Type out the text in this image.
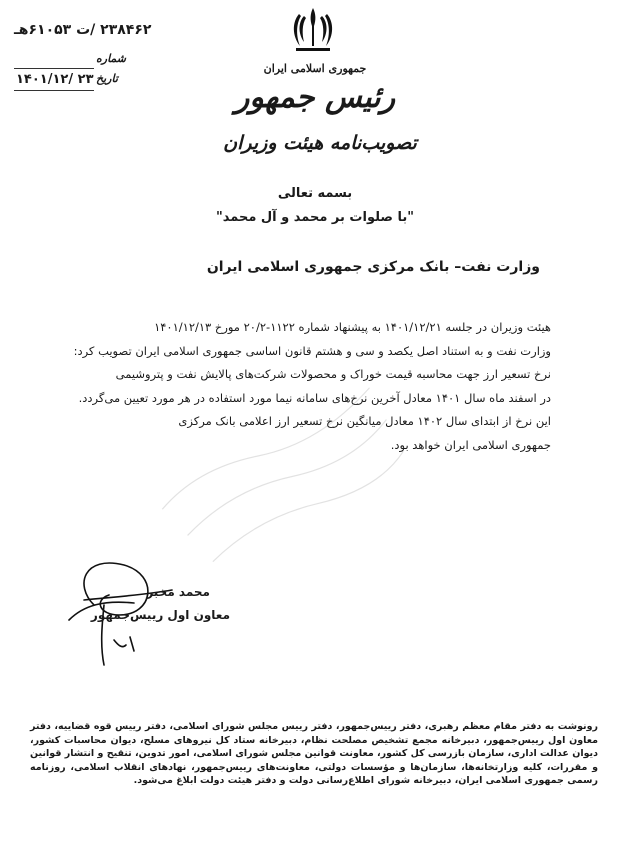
۲۳۸۴۶۲ /ت ۶۱۰۵۳هـ
شماره
۱۴۰۱/۱۲/ ۲۳ تاریخ
جمهوری اسلامی ایران
رئیس جمهور
تصویب‌نامه هیئت وزیران
بسمه تعالی
"با صلوات بر محمد و آل محمد"
وزارت نفت– بانک مرکزی جمهوری اسلامی ایران

هیئت وزیران در جلسه ۱۴۰۱/۱۲/۲۱ به پیشنهاد شماره ۱۱۲۲-۲۰/۲ مورخ ۱۴۰۱/۱۲/۱۳

وزارت نفت و به استناد اصل یکصد و سی و هشتم قانون اساسی جمهوری اسلامی ایران تصویب کرد:

نرخ تسعیر ارز جهت محاسبه قیمت خوراک و محصولات شرکت‌های پالایش نفت و پتروشیمی

در اسفند ماه سال ۱۴۰۱ معادل آخرین نرخ‌های سامانه نیما مورد استفاده در هر مورد تعیین می‌گردد.

این نرخ از ابتدای سال ۱۴۰۲ معادل میانگین نرخ تسعیر ارز اعلامی بانک مرکزی

جمهوری اسلامی ایران خواهد بود.

محمد مخبر
معاون اول رییس‌جمهور
رونوشت به دفتر مقام معظم رهبری، دفتر رییس‌جمهور، دفتر رییس مجلس شورای اسلامی، دفتر رییس قوه قضاییه، دفتر معاون اول رییس‌جمهور، دبیرخانه مجمع تشخیص مصلحت نظام، دبیرخانه ستاد کل نیروهای مسلح، دیوان محاسبات کشور، دیوان عدالت اداری، سازمان بازرسی کل کشور، معاونت قوانین مجلس شورای اسلامی، امور تدوین، تنقیح و انتشار قوانین و مقررات، کلیه وزارتخانه‌ها، سازمان‌ها و مؤسسات دولتی، معاونت‌های رییس‌جمهور، نهادهای انقلاب اسلامی، روزنامه رسمی جمهوری اسلامی ایران، دبیرخانه شورای اطلاع‌رسانی دولت و دفتر هیئت دولت ابلاغ می‌شود.
